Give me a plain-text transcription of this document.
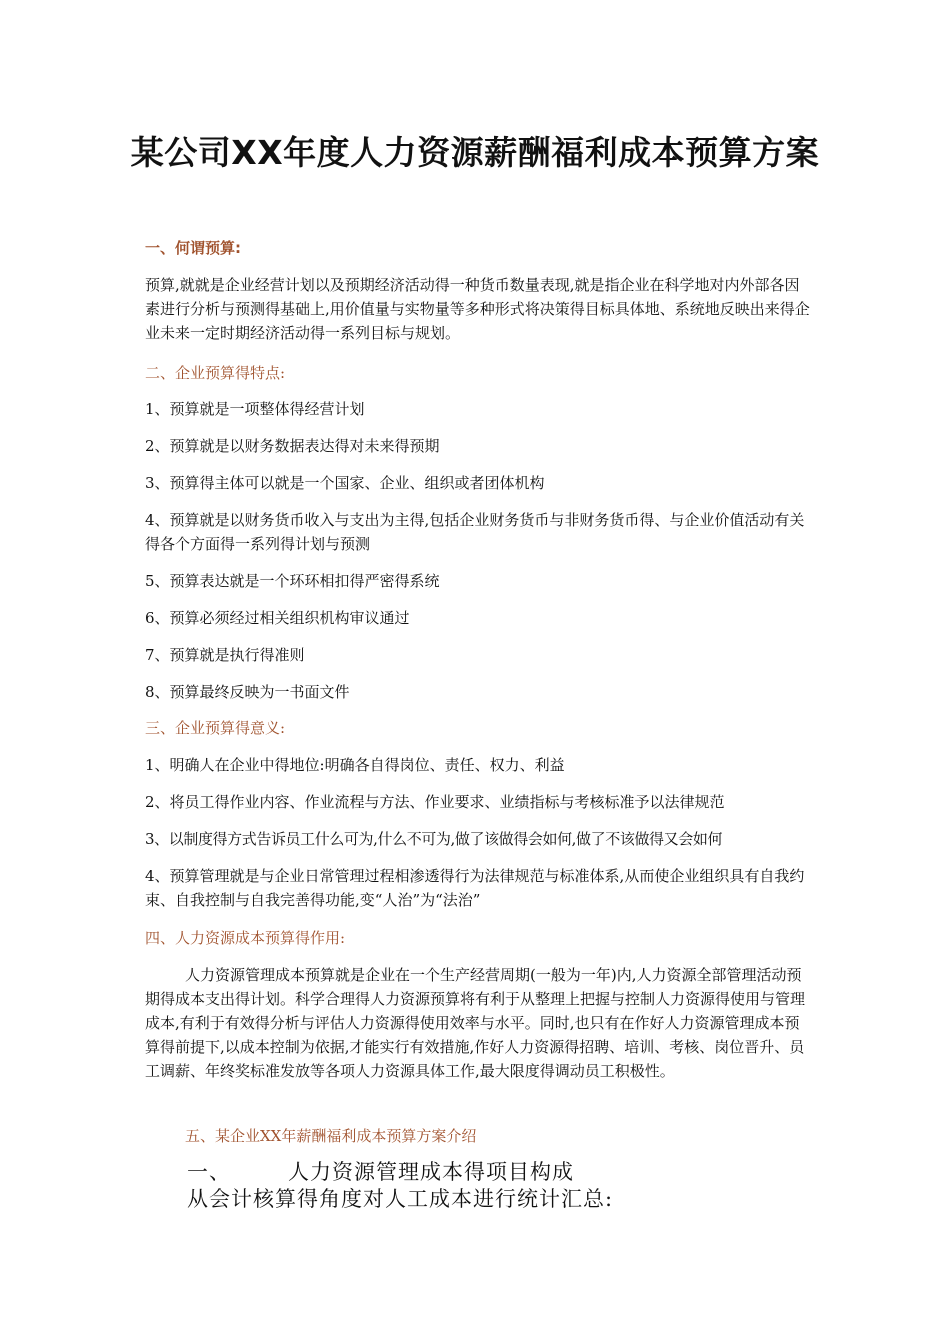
某公司XX年度人力资源薪酬福利成本预算方案
一、何谓预算:
预算,就就是企业经营计划以及预期经济活动得一种货币数量表现,就是指企业在科学地对内外部各因素进行分析与预测得基础上,用价值量与实物量等多种形式将决策得目标具体地、系统地反映出来得企业未来一定时期经济活动得一系列目标与规划。
二、企业预算得特点:
1、预算就是一项整体得经营计划
2、预算就是以财务数据表达得对未来得预期
3、预算得主体可以就是一个国家、企业、组织或者团体机构
4、预算就是以财务货币收入与支出为主得,包括企业财务货币与非财务货币得、与企业价值活动有关得各个方面得一系列得计划与预测
5、预算表达就是一个环环相扣得严密得系统
6、预算必须经过相关组织机构审议通过
7、预算就是执行得准则
8、预算最终反映为一书面文件
三、企业预算得意义:
1、明确人在企业中得地位:明确各自得岗位、责任、权力、利益
2、将员工得作业内容、作业流程与方法、作业要求、业绩指标与考核标准予以法律规范
3、以制度得方式告诉员工什么可为,什么不可为,做了该做得会如何,做了不该做得又会如何
4、预算管理就是与企业日常管理过程相渗透得行为法律规范与标准体系,从而使企业组织具有自我约束、自我控制与自我完善得功能,变“人治”为“法治”
四、人力资源成本预算得作用:
人力资源管理成本预算就是企业在一个生产经营周期(一般为一年)内,人力资源全部管理活动预期得成本支出得计划。科学合理得人力资源预算将有利于从整理上把握与控制人力资源得使用与管理成本,有利于有效得分析与评估人力资源得使用效率与水平。同时,也只有在作好人力资源管理成本预算得前提下,以成本控制为依据,才能实行有效措施,作好人力资源得招聘、培训、考核、岗位晋升、员工调薪、年终奖标准发放等各项人力资源具体工作,最大限度得调动员工积极性。
五、某企业XX年薪酬福利成本预算方案介绍
一、	人力资源管理成本得项目构成
从会计核算得角度对人工成本进行统计汇总:
